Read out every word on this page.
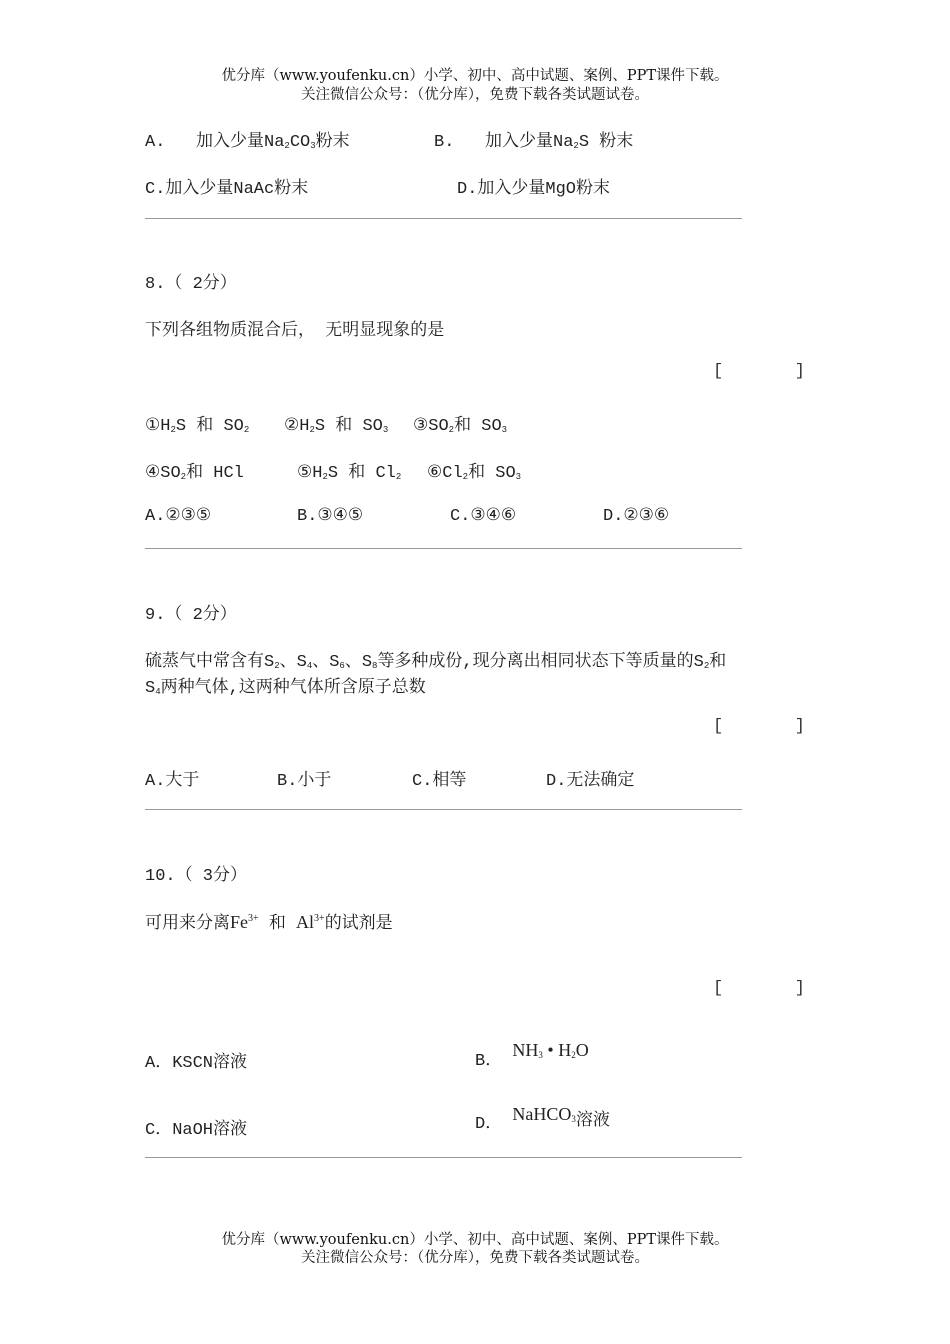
优分库（www.youfenku.cn）小学、初中、高中试题、案例、PPT课件下载。
关注微信公众号：（优分库），免费下载各类试题试卷。
A. 加入少量$Na_2CO_3$粉末	B. 加入少量$Na_2S$ 粉末
C.加入少量NaAc粉末	D.加入少量MgO粉末
8.（ 2分）
下列各组物质混合后， 无明显现象的是
[	]
$①H_2S$ 和 $SO_2$ $②H_2S$ 和 $SO_3$ $③SO_2$和 $SO_3$
$④SO_2$和 HCl	$⑤H_2S$ 和 $Cl_2$ $⑥Cl_2$和 $SO_3$
A.②③⑤	B.③④⑤	C.③④⑥	D.②③⑥
9.（ 2分）
硫蒸气中常含有$S_2$、$S_4$、$S_6$、$S_8$等多种成份,现分离出相同状态下等质量的$S_2$和
$S_4$两种气体,这两种气体所含原子总数
[	]
A.大于	B.小于	C.相等	D.无法确定
10.（ 3分）
可用来分离$Fe^{3+}$ 和 $Al^{3+}$的试剂是
[	]
A．KSCN溶液	B． $NH_3$ • $H_2O$
C．NaOH溶液	D． NaHCO$_3$溶液
优分库（www.youfenku.cn）小学、初中、高中试题、案例、PPT课件下载。
关注微信公众号：（优分库），免费下载各类试题试卷。
